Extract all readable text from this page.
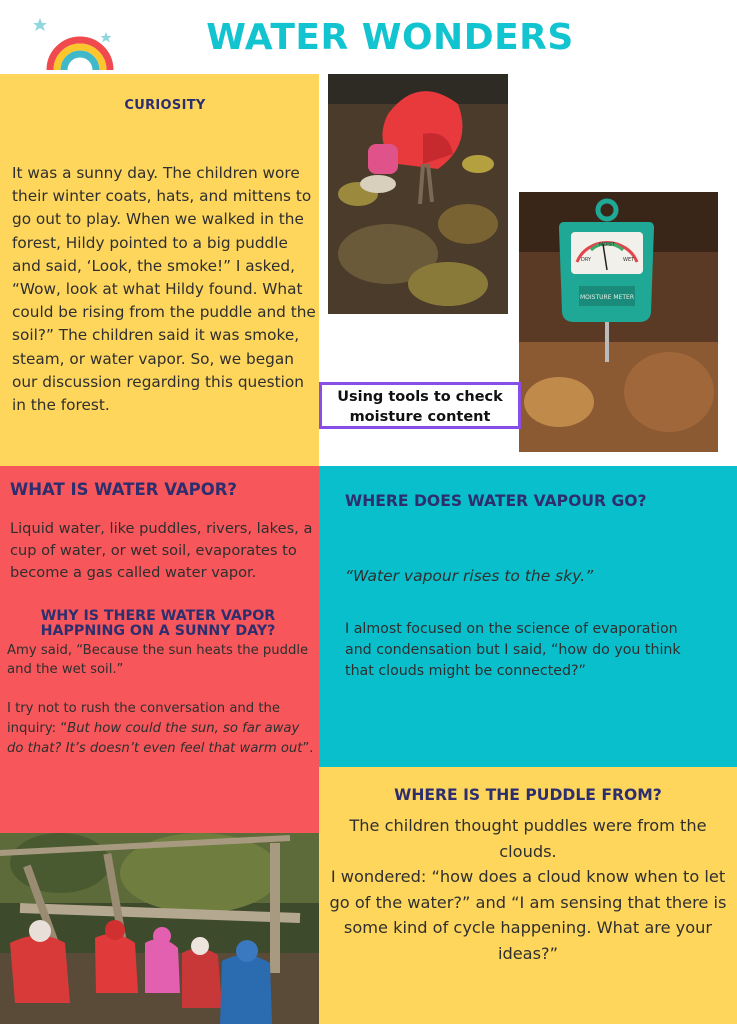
WATER WONDERS
CURIOSITY
It was a sunny day. The children wore their winter coats, hats, and mittens to go out to play. When we walked in the forest, Hildy pointed to a big puddle and said, ‘Look, the smoke!” I asked, “Wow, look at what Hildy found. What could be rising from the puddle and the soil?” The children said it was smoke, steam, or water vapor. So, we began our discussion regarding this question in the forest.
DRY
MOIST
WET
MOISTURE METER
Using tools to check moisture content
WHAT IS WATER VAPOR?
Liquid water, like puddles, rivers, lakes, a cup of water, or wet soil, evaporates to become a gas called water vapor.
WHY IS THERE WATER VAPOR HAPPNING ON A SUNNY DAY?
Amy said, “Because the sun heats the puddle and the wet soil.”
I try not to rush the conversation and the inquiry: “But how could the sun, so far away do that? It’s doesn’t even feel that warm out”.
WHERE DOES WATER VAPOUR GO?
“Water vapour rises to the sky.”
I almost focused on the science of evaporation and condensation but I said, “how do you think that clouds might be connected?”
WHERE IS THE PUDDLE FROM?
The children thought puddles were from the clouds.
I wondered: “how does a cloud know when to let go of the water?” and “I am sensing that there is some kind of cycle happening. What are your ideas?”
